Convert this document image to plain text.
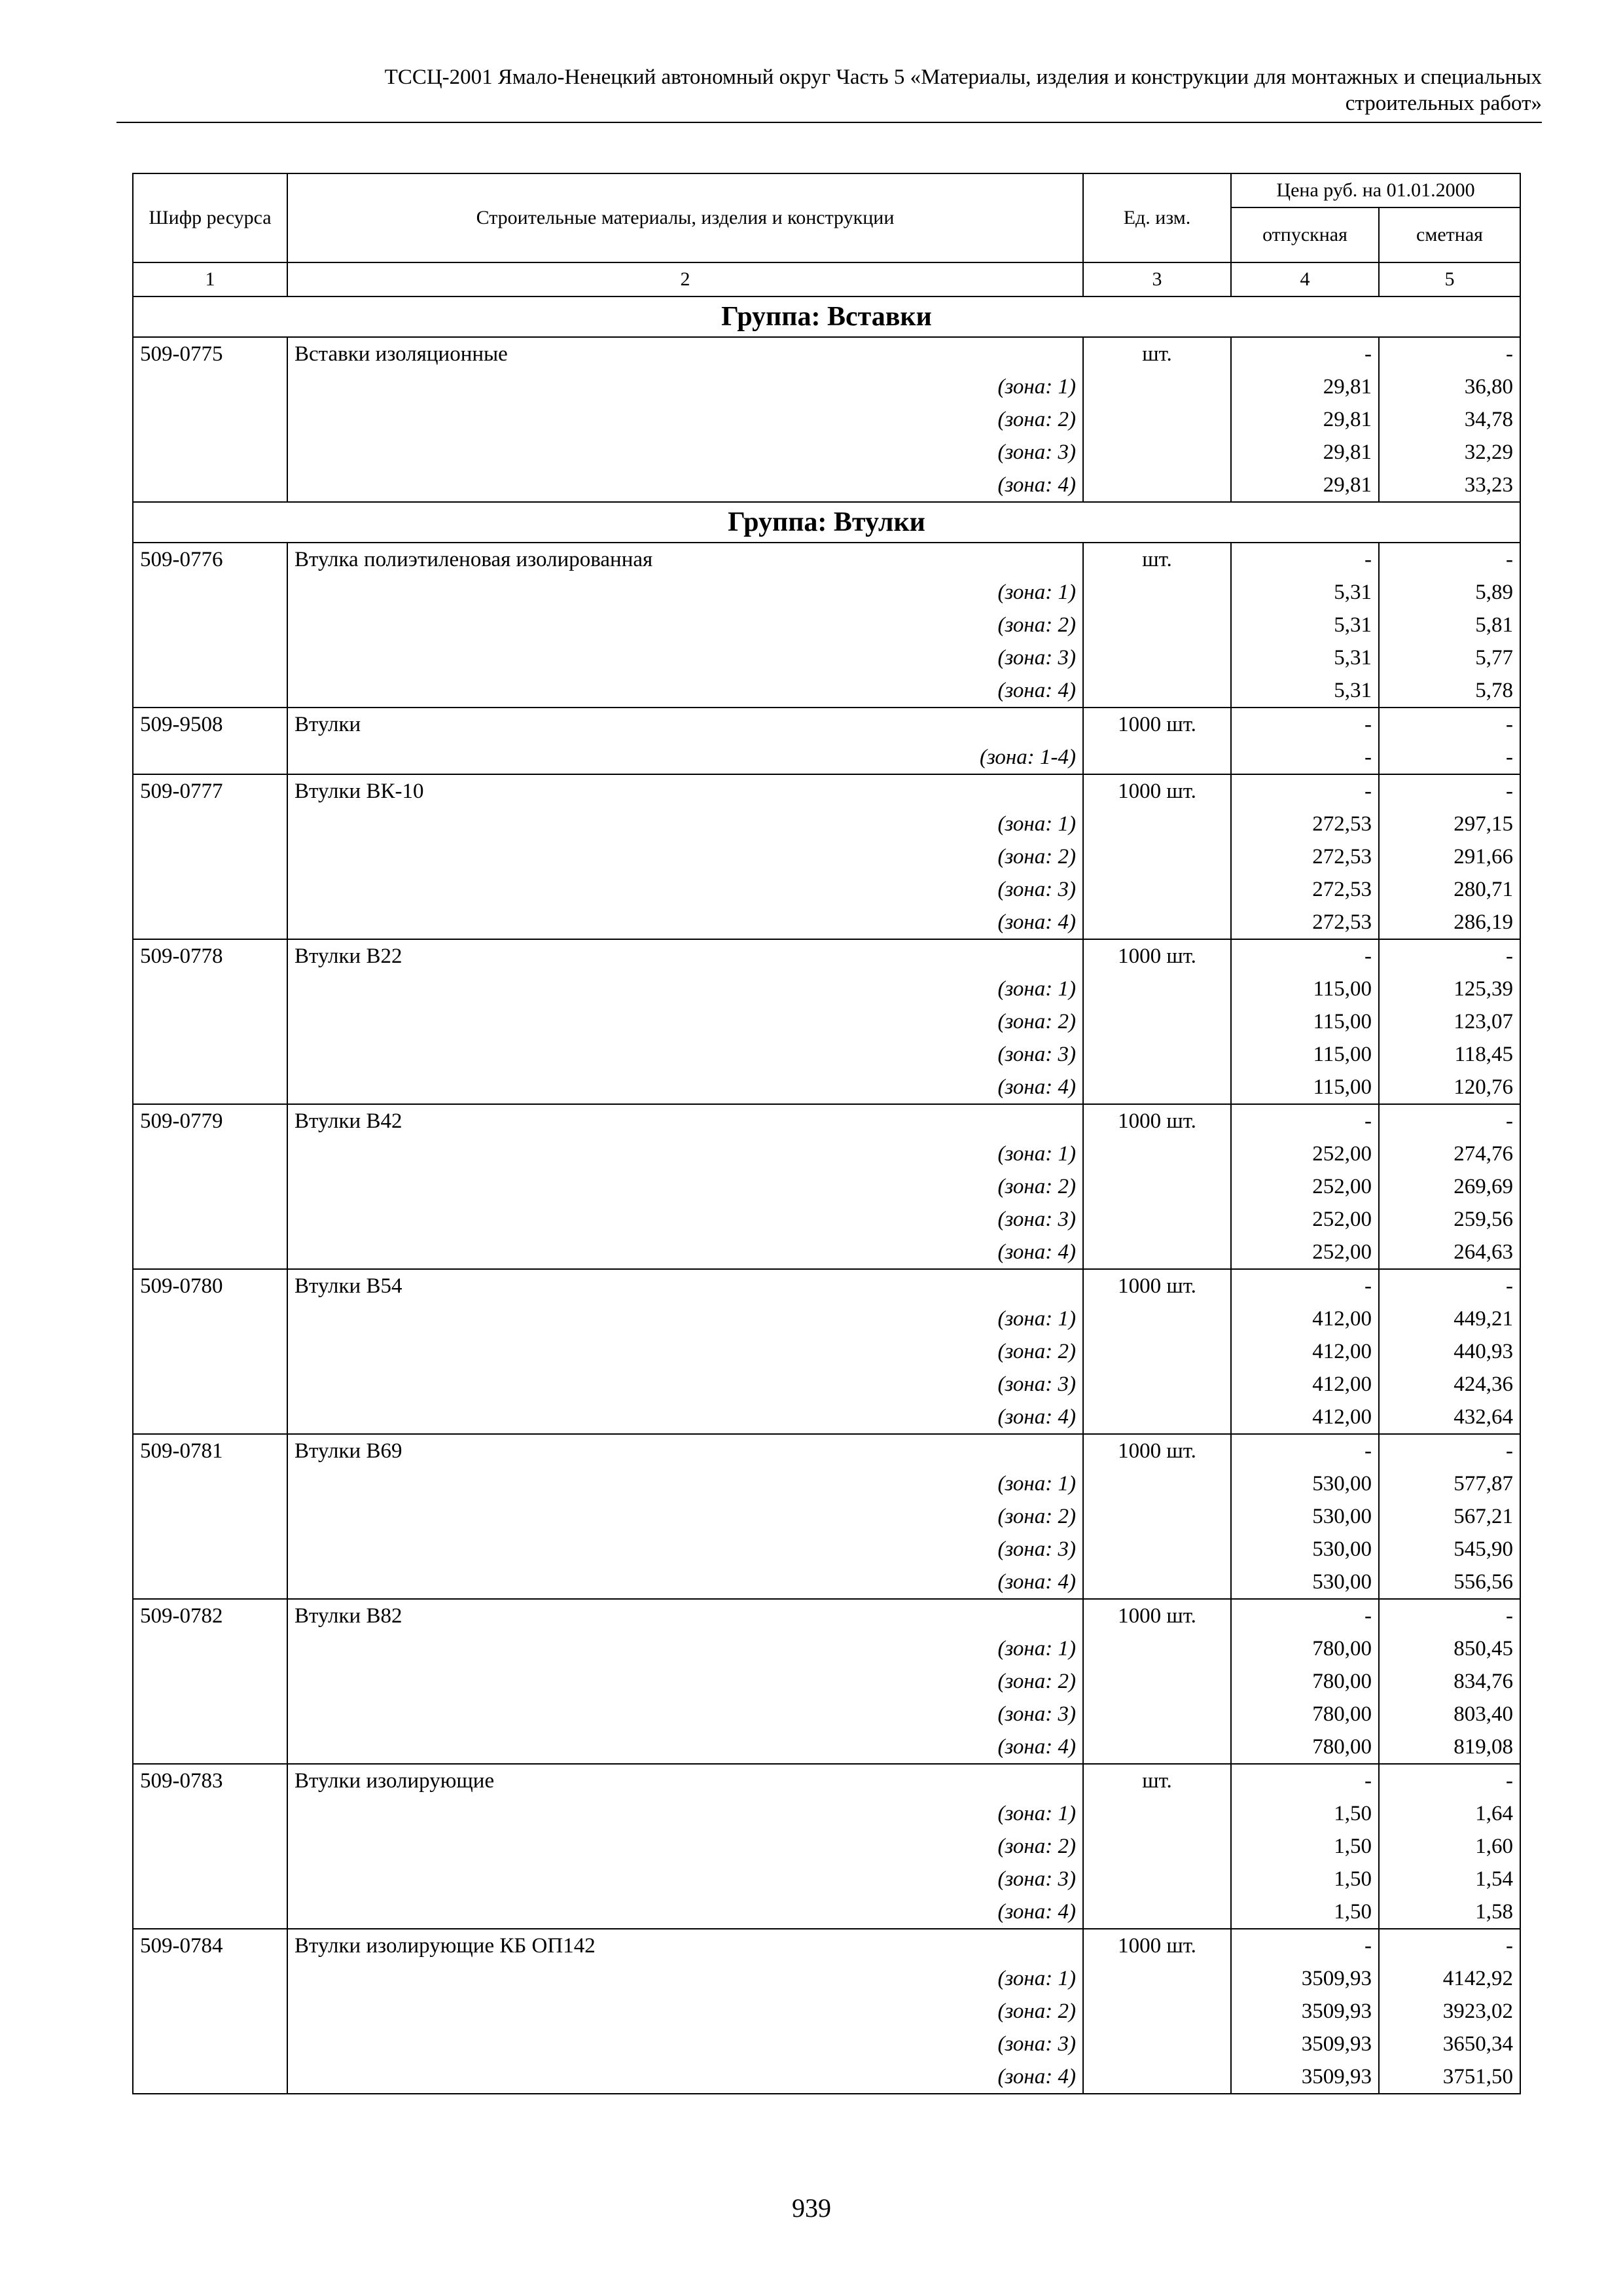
ТССЦ-2001 Ямало-Ненецкий автономный округ Часть 5 «Материалы, изделия и конструкции для монтажных и специальных
строительных работ»
Шифр ресурса	Строительные материалы, изделия и конструкции	Ед. изм.	Цена руб. на 01.01.2000	
			отпускная	сметная
1	2	3	4	5
Группа: Вставки				
509-0775	Вставки изоляционные	шт.	-	-
	(зона: 1)		29,81	36,80
	(зона: 2)		29,81	34,78
	(зона: 3)		29,81	32,29
	(зона: 4)		29,81	33,23
Группа: Втулки				
509-0776	Втулка полиэтиленовая изолированная	шт.	-	-
	(зона: 1)		5,31	5,89
	(зона: 2)		5,31	5,81
	(зона: 3)		5,31	5,77
	(зона: 4)		5,31	5,78
509-9508	Втулки	1000 шт.	-	-
	(зона: 1-4)		-	-
509-0777	Втулки ВК-10	1000 шт.	-	-
	(зона: 1)		272,53	297,15
	(зона: 2)		272,53	291,66
	(зона: 3)		272,53	280,71
	(зона: 4)		272,53	286,19
509-0778	Втулки В22	1000 шт.	-	-
	(зона: 1)		115,00	125,39
	(зона: 2)		115,00	123,07
	(зона: 3)		115,00	118,45
	(зона: 4)		115,00	120,76
509-0779	Втулки В42	1000 шт.	-	-
	(зона: 1)		252,00	274,76
	(зона: 2)		252,00	269,69
	(зона: 3)		252,00	259,56
	(зона: 4)		252,00	264,63
509-0780	Втулки В54	1000 шт.	-	-
	(зона: 1)		412,00	449,21
	(зона: 2)		412,00	440,93
	(зона: 3)		412,00	424,36
	(зона: 4)		412,00	432,64
509-0781	Втулки В69	1000 шт.	-	-
	(зона: 1)		530,00	577,87
	(зона: 2)		530,00	567,21
	(зона: 3)		530,00	545,90
	(зона: 4)		530,00	556,56
509-0782	Втулки В82	1000 шт.	-	-
	(зона: 1)		780,00	850,45
	(зона: 2)		780,00	834,76
	(зона: 3)		780,00	803,40
	(зона: 4)		780,00	819,08
509-0783	Втулки изолирующие	шт.	-	-
	(зона: 1)		1,50	1,64
	(зона: 2)		1,50	1,60
	(зона: 3)		1,50	1,54
	(зона: 4)		1,50	1,58
509-0784	Втулки изолирующие КБ ОП142	1000 шт.	-	-
	(зона: 1)		3509,93	4142,92
	(зона: 2)		3509,93	3923,02
	(зона: 3)		3509,93	3650,34
	(зона: 4)		3509,93	3751,50
939
